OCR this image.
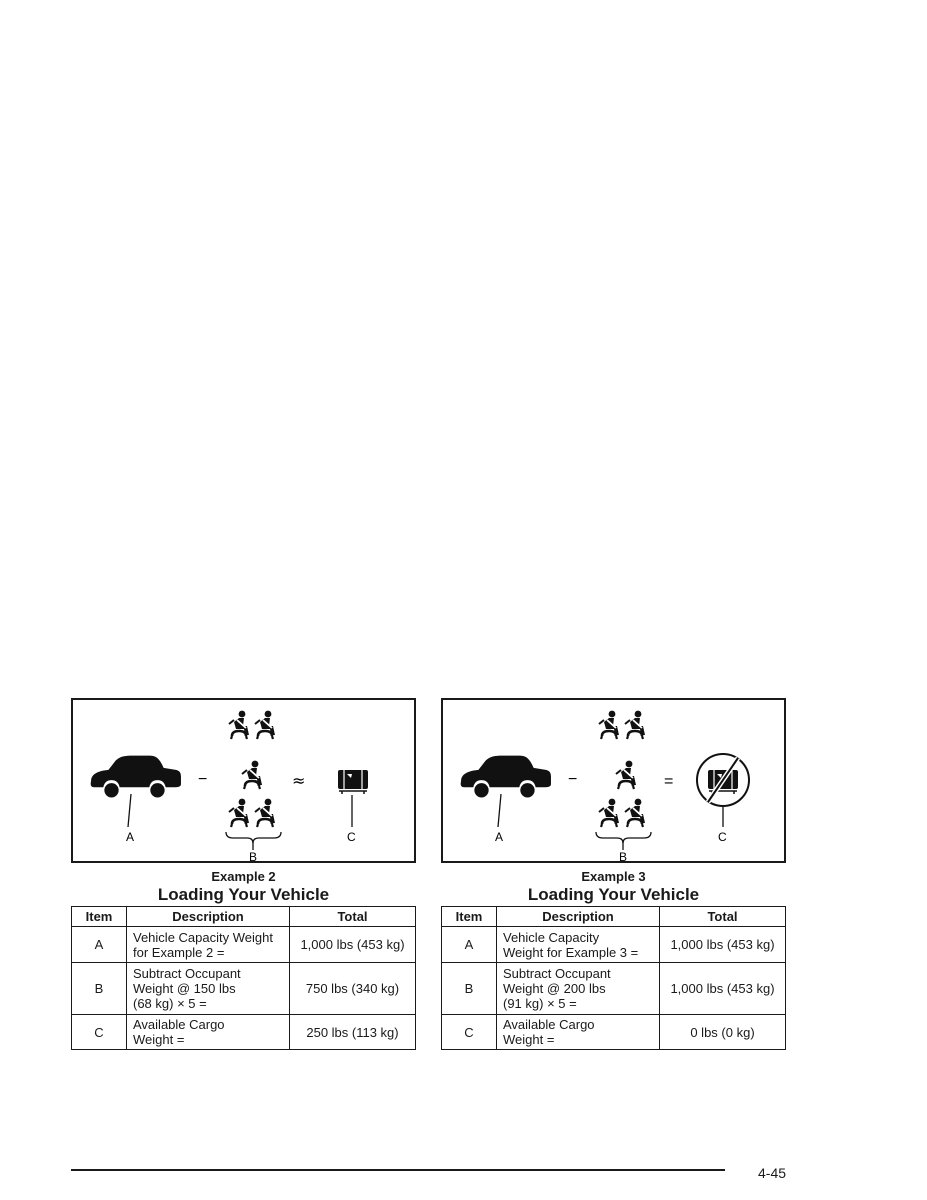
A
−
B
≈
C
Example 2
Loading Your Vehicle
Item	Description	Total
A	Vehicle Capacity Weight
for Example 2 =	1,000 lbs (453 kg)
B	Subtract Occupant
Weight @ 150 lbs
(68 kg) × 5 =	750 lbs (340 kg)
C	Available Cargo
Weight =	250 lbs (113 kg)
A
−
B
=
C
Example 3
Loading Your Vehicle
Item	Description	Total
A	Vehicle Capacity
Weight for Example 3 =	1,000 lbs (453 kg)
B	Subtract Occupant
Weight @ 200 lbs
(91 kg) × 5 =	1,000 lbs (453 kg)
C	Available Cargo
Weight =	0 lbs (0 kg)
4-45
